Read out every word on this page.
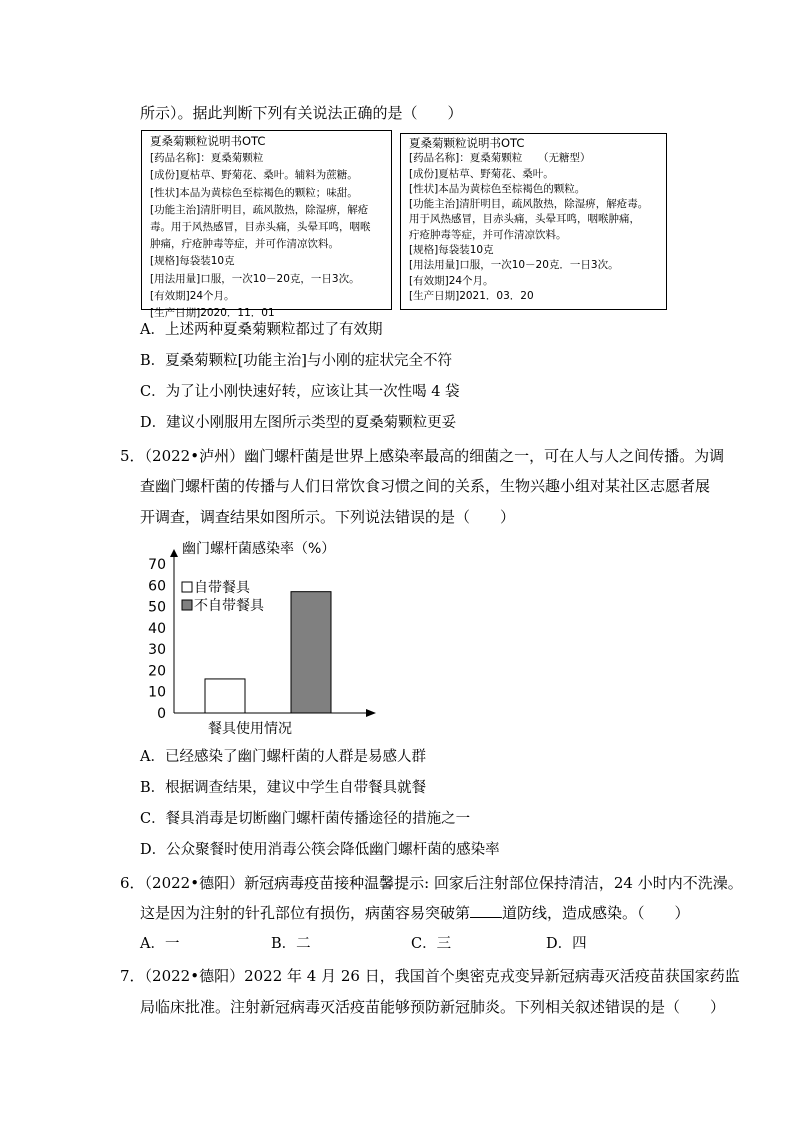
所示）。据此判断下列有关说法正确的是（　　）
夏桑菊颗粒说明书OTC
[药品名称]：夏桑菊颗粒
[成份]夏枯草、野菊花、桑叶。辅料为蔗糖。
[性状]本品为黄棕色至棕褐色的颗粒；味甜。
[功能主治]清肝明目，疏风散热，除湿痹，解疮
毒。用于风热感冒，目赤头痛，头晕耳鸣，咽喉
肿痛，疔疮肿毒等症，并可作清凉饮料。
[规格]每袋装10克
[用法用量]口服，一次10－20克，一日3次。
[有效期]24个月。
[生产日期]2020．11．01
夏桑菊颗粒说明书OTC
[药品名称]：夏桑菊颗粒　　（无糖型）
[成份]夏枯草、野菊花、桑叶。
[性状]本品为黄棕色至棕褐色的颗粒。
[功能主治]清肝明目，疏风散热，除湿痹，解疮毒。
用于风热感冒，目赤头痛，头晕耳鸣，咽喉肿痛，
疔疮肿毒等症，并可作清凉饮料。
[规格]每袋装10克
[用法用量]口服，一次10－20克．一日3次。
[有效期]24个月。
[生产日期]2021．03．20
A．上述两种夏桑菊颗粒都过了有效期
B．夏桑菊颗粒[功能主治]与小刚的症状完全不符
C．为了让小刚快速好转，应该让其一次性喝 4 袋
D．建议小刚服用左图所示类型的夏桑菊颗粒更妥
5．（2022•泸州）幽门螺杆菌是世界上感染率最高的细菌之一，可在人与人之间传播。为调
查幽门螺杆菌的传播与人们日常饮食习惯之间的关系，生物兴趣小组对某社区志愿者展
开调查，调查结果如图所示。下列说法错误的是（　　）
0
10
20
30
40
50
60
70
幽门螺杆菌感染率（%）
餐具使用情况
自带餐具
不自带餐具
A．已经感染了幽门螺杆菌的人群是易感人群
B．根据调查结果，建议中学生自带餐具就餐
C．餐具消毒是切断幽门螺杆菌传播途径的措施之一
D．公众聚餐时使用消毒公筷会降低幽门螺杆菌的感染率
6．（2022•德阳）新冠病毒疫苗接种温馨提示: 回家后注射部位保持清洁，24 小时内不洗澡。
这是因为注射的针孔部位有损伤，病菌容易突破第 道防线，造成感染。（　　）
A．一	B．二	C．三	D．四
7．（2022•德阳）2022 年 4 月 26 日，我国首个奥密克戎变异新冠病毒灭活疫苗获国家药监
局临床批准。注射新冠病毒灭活疫苗能够预防新冠肺炎。下列相关叙述错误的是（　　）
